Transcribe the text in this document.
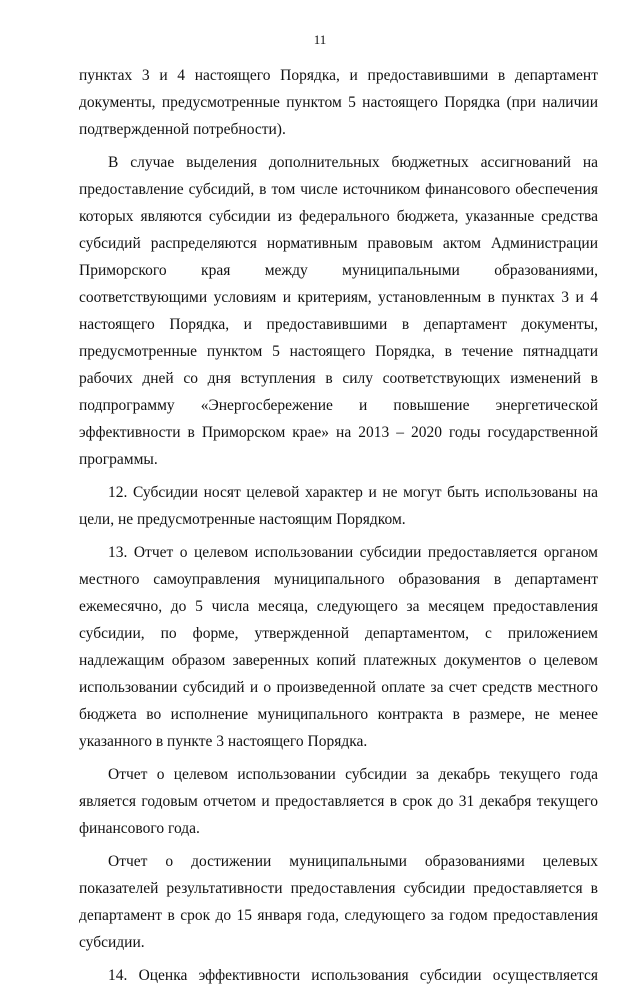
11

пунктах 3 и 4 настоящего Порядка, и предоставившими в департамент документы, предусмотренные пунктом 5 настоящего Порядка (при наличии подтвержденной потребности).

В случае выделения дополнительных бюджетных ассигнований на предоставление субсидий, в том числе источником финансового обеспечения которых являются субсидии из федерального бюджета, указанные средства субсидий распределяются нормативным правовым актом Администрации Приморского края между муниципальными образованиями, соответствующими условиям и критериям, установленным в пунктах 3 и 4 настоящего Порядка, и предоставившими в департамент документы, предусмотренные пунктом 5 настоящего Порядка, в течение пятнадцати рабочих дней со дня вступления в силу соответствующих изменений в подпрограмму «Энергосбережение и повышение энергетической эффективности в Приморском крае» на 2013 – 2020 годы государственной программы.

12. Субсидии носят целевой характер и не могут быть использованы на цели, не предусмотренные настоящим Порядком.

13. Отчет о целевом использовании субсидии предоставляется органом местного самоуправления муниципального образования в департамент ежемесячно, до 5 числа месяца, следующего за месяцем предоставления субсидии, по форме, утвержденной департаментом, с приложением надлежащим образом заверенных копий платежных документов о целевом использовании субсидий и о произведенной оплате за счет средств местного бюджета во исполнение муниципального контракта в размере, не менее указанного в пункте 3 настоящего Порядка.

Отчет о целевом использовании субсидии за декабрь текущего года является годовым отчетом и предоставляется в срок до 31 декабря текущего финансового года.

Отчет о достижении муниципальными образованиями целевых показателей результативности предоставления субсидии предоставляется в департамент в срок до 15 января года, следующего за годом предоставления субсидии.

14. Оценка эффективности использования субсидии осуществляется
